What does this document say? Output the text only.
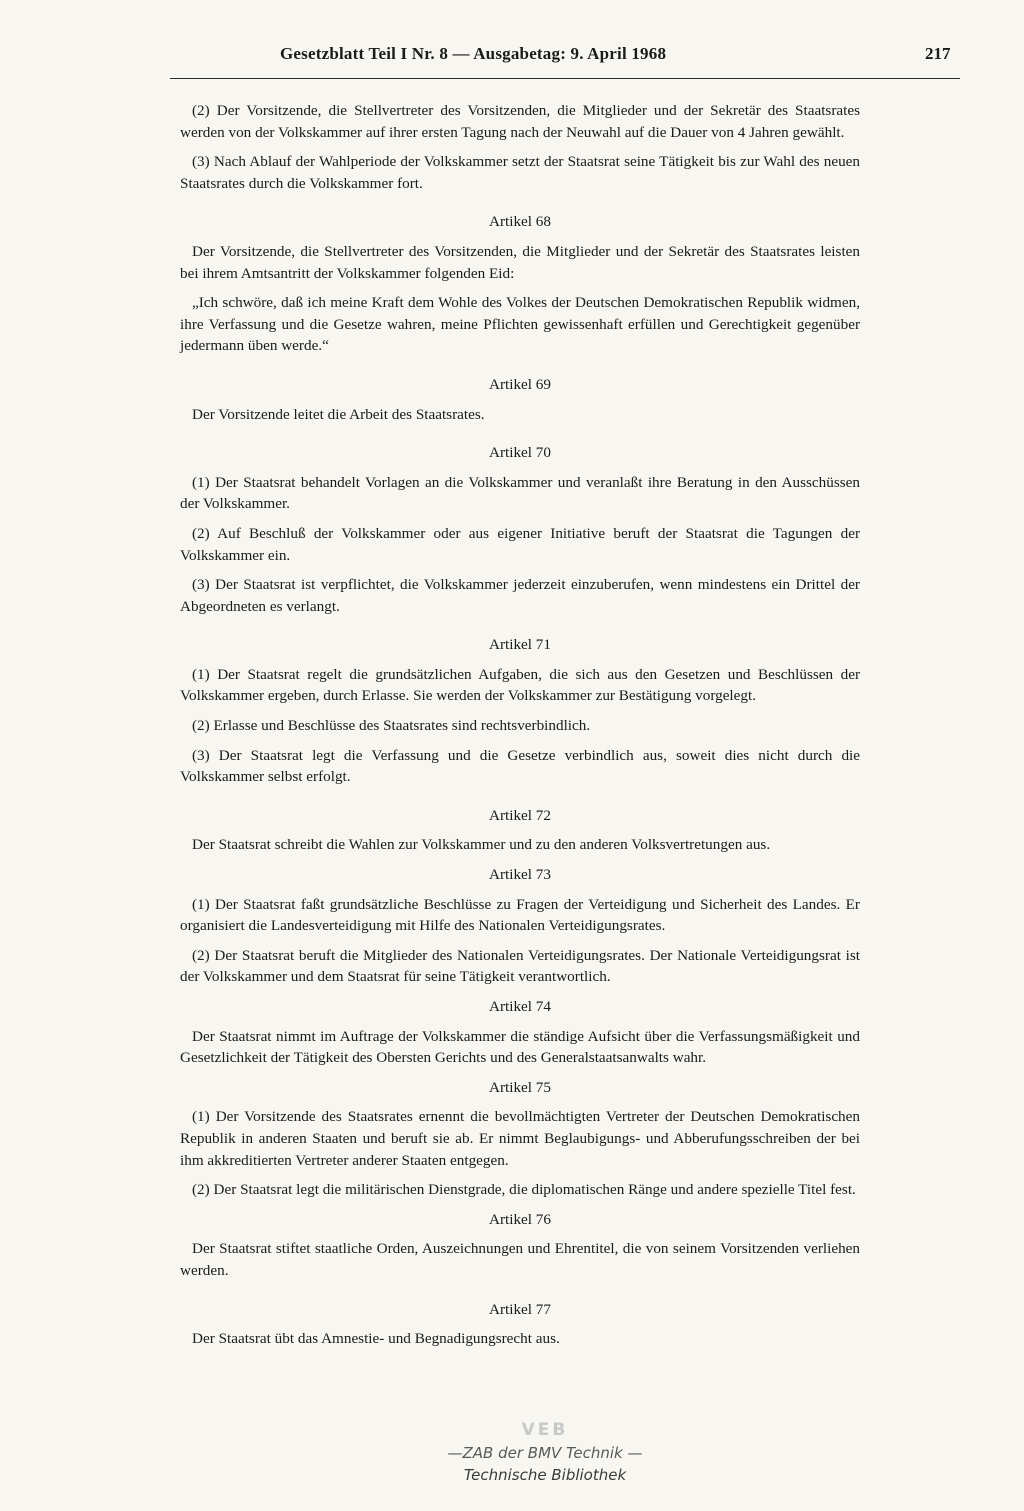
Gesetzblatt Teil I Nr. 8 — Ausgabetag: 9. April 1968	217

(2) Der Vorsitzende, die Stellvertreter des Vorsitzenden, die Mitglieder und der Sekretär des Staatsrates werden von der Volkskammer auf ihrer ersten Tagung nach der Neuwahl auf die Dauer von 4 Jahren gewählt.

(3) Nach Ablauf der Wahlperiode der Volkskammer setzt der Staatsrat seine Tätigkeit bis zur Wahl des neuen Staatsrates durch die Volkskammer fort.

Artikel 68

Der Vorsitzende, die Stellvertreter des Vorsitzenden, die Mitglieder und der Sekretär des Staatsrates leisten bei ihrem Amtsantritt der Volkskammer folgenden Eid:

„Ich schwöre, daß ich meine Kraft dem Wohle des Volkes der Deutschen Demokratischen Republik widmen, ihre Verfassung und die Gesetze wahren, meine Pflichten gewissenhaft erfüllen und Gerechtigkeit gegenüber jedermann üben werde.“

Artikel 69

Der Vorsitzende leitet die Arbeit des Staatsrates.

Artikel 70

(1) Der Staatsrat behandelt Vorlagen an die Volkskammer und veranlaßt ihre Beratung in den Ausschüssen der Volkskammer.

(2) Auf Beschluß der Volkskammer oder aus eigener Initiative beruft der Staatsrat die Tagungen der Volkskammer ein.

(3) Der Staatsrat ist verpflichtet, die Volkskammer jederzeit einzuberufen, wenn mindestens ein Drittel der Abgeordneten es verlangt.

Artikel 71

(1) Der Staatsrat regelt die grundsätzlichen Aufgaben, die sich aus den Gesetzen und Beschlüssen der Volkskammer ergeben, durch Erlasse. Sie werden der Volkskammer zur Bestätigung vorgelegt.

(2) Erlasse und Beschlüsse des Staatsrates sind rechtsverbindlich.

(3) Der Staatsrat legt die Verfassung und die Gesetze verbindlich aus, soweit dies nicht durch die Volkskammer selbst erfolgt.

Artikel 72

Der Staatsrat schreibt die Wahlen zur Volkskammer und zu den anderen Volksvertretungen aus.

Artikel 73

(1) Der Staatsrat faßt grundsätzliche Beschlüsse zu Fragen der Verteidigung und Sicherheit des Landes. Er organisiert die Landesverteidigung mit Hilfe des Nationalen Verteidigungsrates.

(2) Der Staatsrat beruft die Mitglieder des Nationalen Verteidigungsrates. Der Nationale Verteidigungsrat ist der Volkskammer und dem Staatsrat für seine Tätigkeit verantwortlich.

Artikel 74

Der Staatsrat nimmt im Auftrage der Volkskammer die ständige Aufsicht über die Verfassungsmäßigkeit und Gesetzlichkeit der Tätigkeit des Obersten Gerichts und des Generalstaatsanwalts wahr.

Artikel 75

(1) Der Vorsitzende des Staatsrates ernennt die bevollmächtigten Vertreter der Deutschen Demokratischen Republik in anderen Staaten und beruft sie ab. Er nimmt Beglaubigungs- und Abberufungsschreiben der bei ihm akkreditierten Vertreter anderer Staaten entgegen.

(2) Der Staatsrat legt die militärischen Dienstgrade, die diplomatischen Ränge und andere spezielle Titel fest.

Artikel 76

Der Staatsrat stiftet staatliche Orden, Auszeichnungen und Ehrentitel, die von seinem Vorsitzenden verliehen werden.

Artikel 77

Der Staatsrat übt das Amnestie- und Begnadigungsrecht aus.

VEB
—ZAB der BMV Technik —
Technische Bibliothek
